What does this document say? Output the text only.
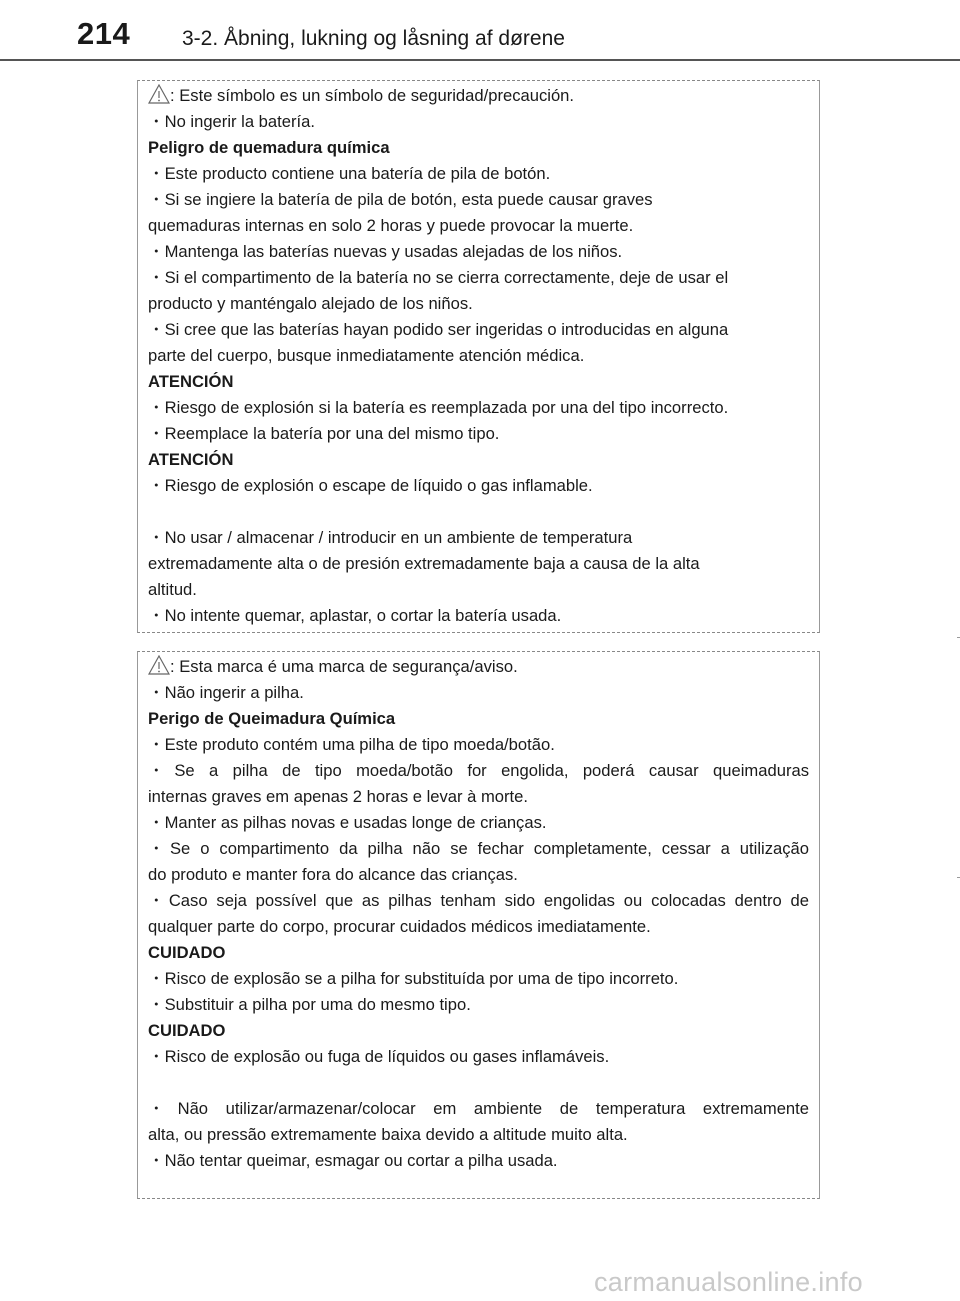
214 3-2. Åbning, lukning og låsning af dørene
: Este símbolo es un símbolo de seguridad/precaución.
・No ingerir la batería.
Peligro de quemadura química
・Este producto contiene una batería de pila de botón.
・Si se ingiere la batería de pila de botón, esta puede causar graves
quemaduras internas en solo 2 horas y puede provocar la muerte.
・Mantenga las baterías nuevas y usadas alejadas de los niños.
・Si el compartimento de la batería no se cierra correctamente, deje de usar el
producto y manténgalo alejado de los niños.
・Si cree que las baterías hayan podido ser ingeridas o introducidas en alguna
parte del cuerpo, busque inmediatamente atención médica.
ATENCIÓN
・Riesgo de explosión si la batería es reemplazada por una del tipo incorrecto.
・Reemplace la batería por una del mismo tipo.
ATENCIÓN
・Riesgo de explosión o escape de líquido o gas inflamable.
・No usar / almacenar / introducir en un ambiente de temperatura
extremadamente alta o de presión extremadamente baja a causa de la alta
altitud.
・No intente quemar, aplastar, o cortar la batería usada.
: Esta marca é uma marca de segurança/aviso.
・Não ingerir a pilha.
Perigo de Queimadura Química
・Este produto contém uma pilha de tipo moeda/botão.
・Se a pilha de tipo moeda/botão for engolida, poderá causar queimaduras
internas graves em apenas 2 horas e levar à morte.
・Manter as pilhas novas e usadas longe de crianças.
・Se o compartimento da pilha não se fechar completamente, cessar a utilização
do produto e manter fora do alcance das crianças.
・Caso seja possível que as pilhas tenham sido engolidas ou colocadas dentro de
qualquer parte do corpo, procurar cuidados médicos imediatamente.
CUIDADO
・Risco de explosão se a pilha for substituída por uma de tipo incorreto.
・Substituir a pilha por uma do mesmo tipo.
CUIDADO
・Risco de explosão ou fuga de líquidos ou gases inflamáveis.
・Não utilizar/armazenar/colocar em ambiente de temperatura extremamente
alta, ou pressão extremamente baixa devido a altitude muito alta.
・Não tentar queimar, esmagar ou cortar a pilha usada.
carmanualsonline.info
